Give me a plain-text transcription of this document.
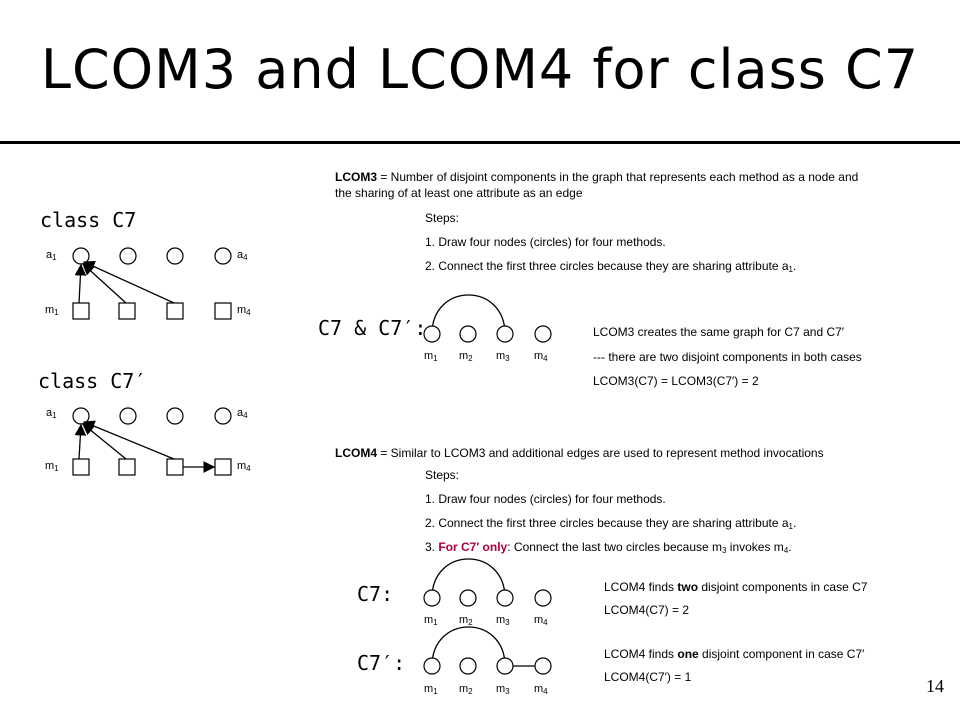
LCOM3 and LCOM4 for class C7
class C7
$a_1$	$a_4$
$m_1$	$m_4$
class C7′
$a_1$	$a_4$
$m_1$	$m_4$
LCOM3 = Number of disjoint components in the graph that represents each method as a node and
the sharing of at least one attribute as an edge
Steps:
1. Draw four nodes (circles) for four methods.
2. Connect the first three circles because they are sharing attribute $a_1$.
C7 & C7′:
$m_1$ $m_2$ $m_3$ $m_4$
LCOM3 creates the same graph for C7 and C7′
--- there are two disjoint components in both cases
LCOM3(C7) = LCOM3(C7′) = 2
LCOM4 = Similar to LCOM3 and additional edges are used to represent method invocations
Steps:
1. Draw four nodes (circles) for four methods.
2. Connect the first three circles because they are sharing attribute $a_1$.
3. For C7′ only: Connect the last two circles because $m_3$ invokes $m_4$.
C7:
$m_1$ $m_2$ $m_3$ $m_4$
LCOM4 finds two disjoint components in case C7
LCOM4(C7) = 2
C7′:
$m_1$ $m_2$ $m_3$ $m_4$
LCOM4 finds one disjoint component in case C7′
LCOM4(C7′) = 1	14
